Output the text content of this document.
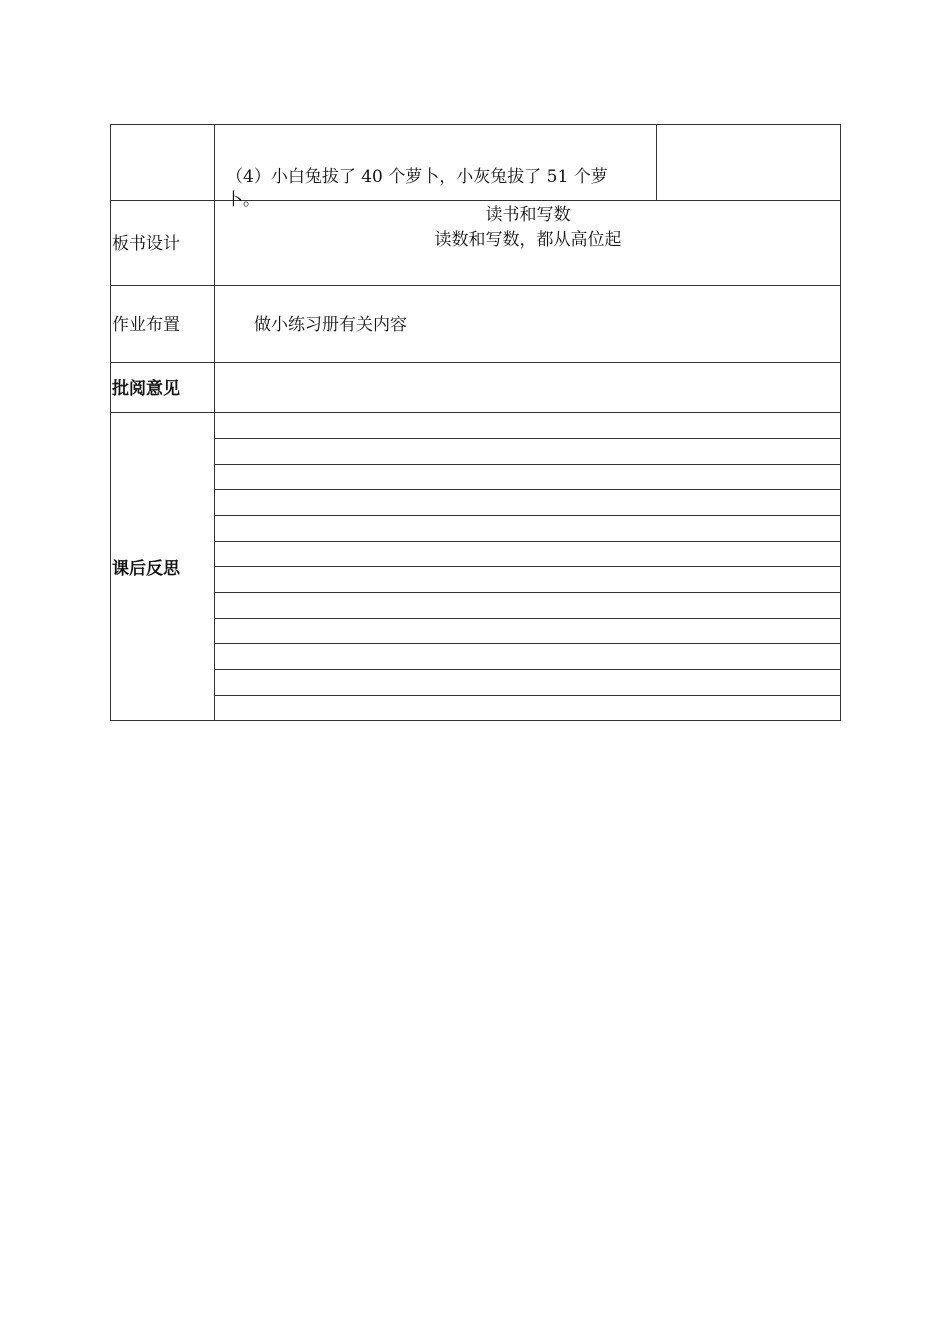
（4）小白兔拔了 40 个萝卜，小灰兔拔了 51 个萝
卜。
板书设计
读书和写数
读数和写数，都从高位起
作业布置	做小练习册有关内容
批阅意见
课后反思
